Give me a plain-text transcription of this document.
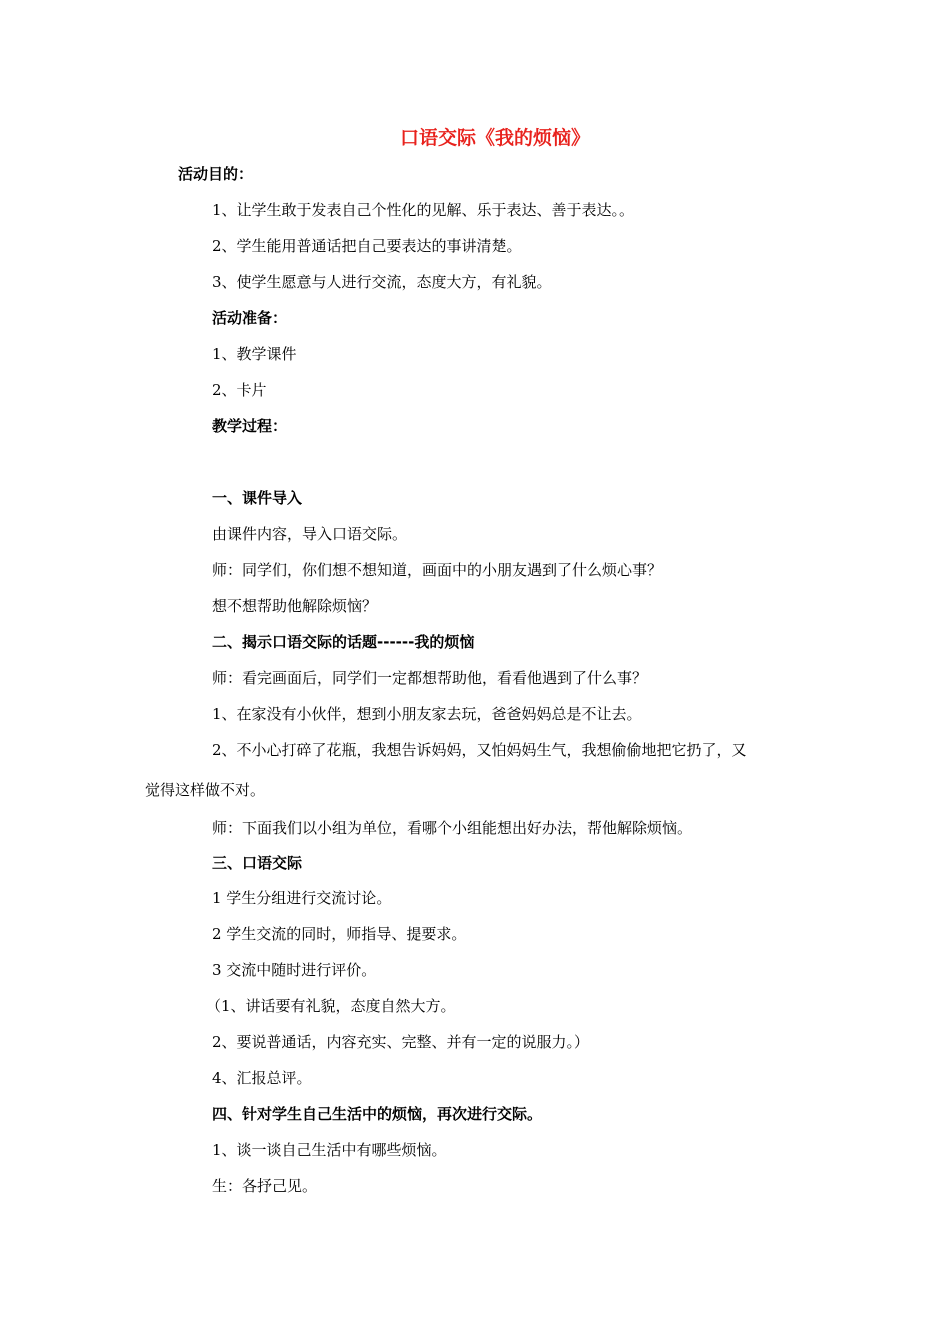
口语交际《我的烦恼》
活动目的：
1、让学生敢于发表自己个性化的见解、乐于表达、善于表达。。
2、学生能用普通话把自己要表达的事讲清楚。
3、使学生愿意与人进行交流，态度大方，有礼貌。
活动准备：
1、教学课件
2、卡片
教学过程：
一、课件导入
由课件内容，导入口语交际。
师：同学们，你们想不想知道，画面中的小朋友遇到了什么烦心事？
想不想帮助他解除烦恼？
二、揭示口语交际的话题------我的烦恼
师：看完画面后，同学们一定都想帮助他，看看他遇到了什么事？
1、在家没有小伙伴，想到小朋友家去玩，爸爸妈妈总是不让去。
2、不小心打碎了花瓶，我想告诉妈妈，又怕妈妈生气，我想偷偷地把它扔了，又
觉得这样做不对。
师：下面我们以小组为单位，看哪个小组能想出好办法，帮他解除烦恼。
三、口语交际
1 学生分组进行交流讨论。
2 学生交流的同时，师指导、提要求。
3 交流中随时进行评价。
（1、讲话要有礼貌，态度自然大方。
2、要说普通话，内容充实、完整、并有一定的说服力。）
4、汇报总评。
四、针对学生自己生活中的烦恼，再次进行交际。
1、谈一谈自己生活中有哪些烦恼。
生：各抒己见。
